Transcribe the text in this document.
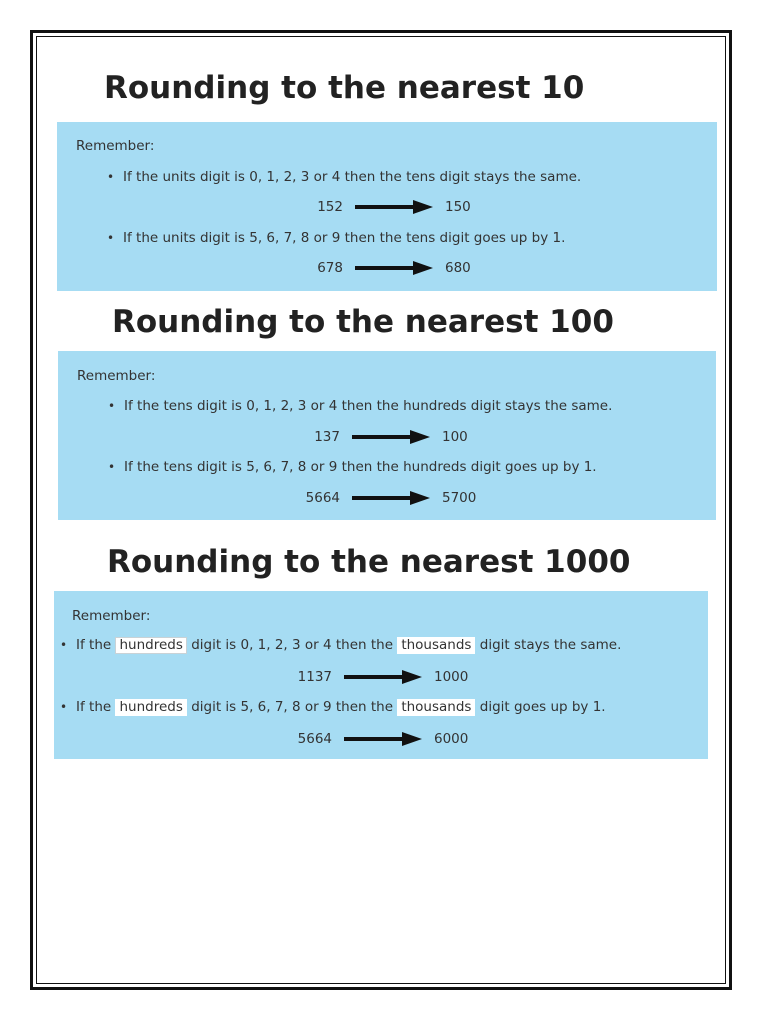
Rounding to the nearest 10
Remember:
• If the units digit is 0, 1, 2, 3 or 4 then the tens digit stays the same.
152	150
• If the units digit is 5, 6, 7, 8 or 9 then the tens digit goes up by 1.
678	680
Rounding to the nearest 100
Remember:
• If the tens digit is 0, 1, 2, 3 or 4 then the hundreds digit stays the same.
137	100
• If the tens digit is 5, 6, 7, 8 or 9 then the hundreds digit goes up by 1.
5664	5700
Rounding to the nearest 1000
Remember:
• If the hundreds digit is 0, 1, 2, 3 or 4 then the thousands digit stays the same.
1137	1000
• If the hundreds digit is 5, 6, 7, 8 or 9 then the thousands digit goes up by 1.
5664	6000
